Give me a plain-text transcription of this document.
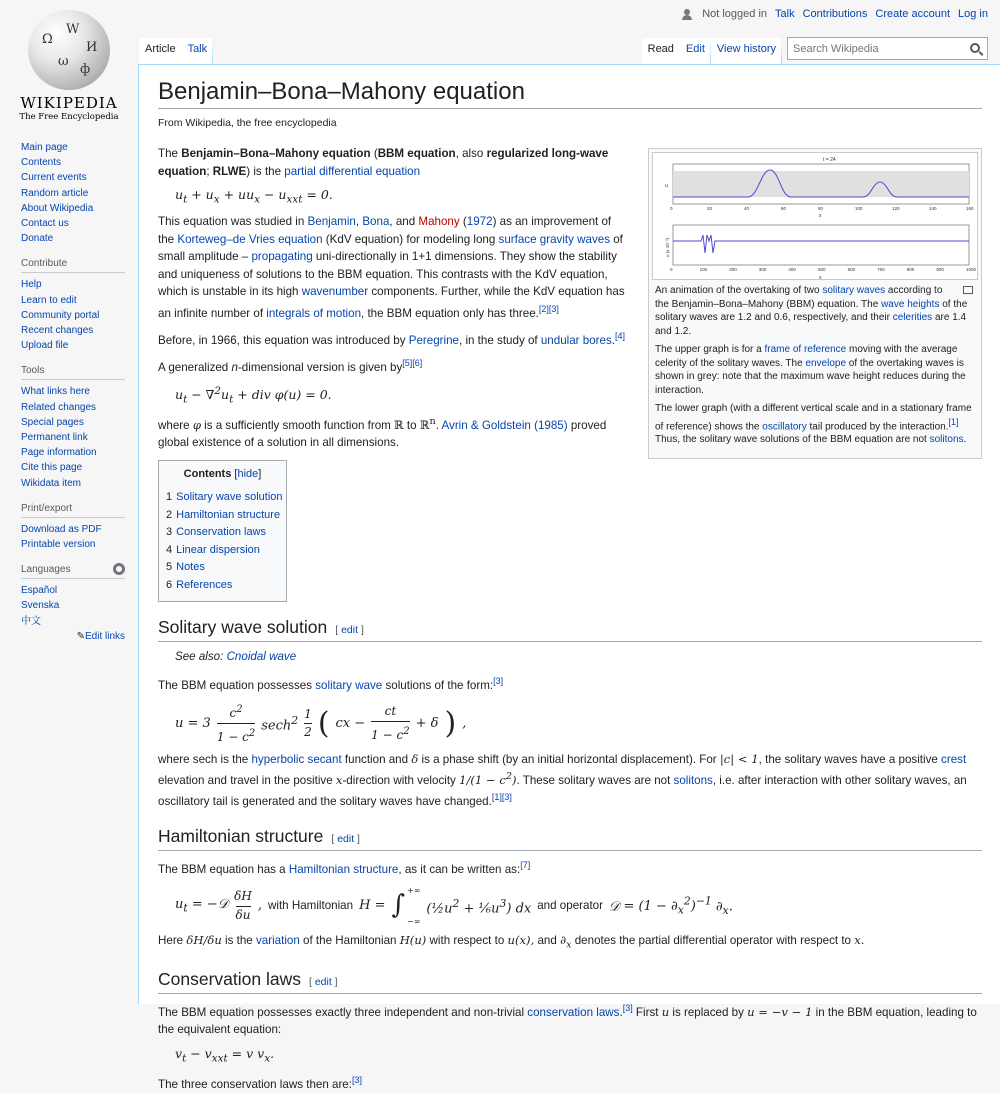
Not logged in Talk Contributions Create account Log in
Ω
W
И
ω
ф
WIKIPEDIA
The Free Encyclopedia
Main page
Contents
Current events
Random article
About Wikipedia
Contact us
Donate
Contribute
Help
Learn to edit
Community portal
Recent changes
Upload file
Tools
What links here
Related changes
Special pages
Permanent link
Page information
Cite this page
Wikidata item
Print/export
Download as PDF
Printable version
Languages
Español
Svenska
中文
✎Edit links
Article	Talk	Read	Edit	View history
Search Wikipedia
Benjamin–Bona–Mahony equation
From Wikipedia, the free encyclopedia

The Benjamin–Bona–Mahony equation (BBM equation, also regularized long-wave equation; RLWE) is the partial differential equation

$u_t + u_x + uu_x - u_{xxt} = 0$.

This equation was studied in Benjamin, Bona, and Mahony (1972) as an improvement of the Korteweg–de Vries equation (KdV equation) for modeling long surface gravity waves of small amplitude – propagating uni-directionally in 1+1 dimensions. They show the stability and uniqueness of solutions to the BBM equation. This contrasts with the KdV equation, which is unstable in its high wavenumber components. Further, while the KdV equation has an infinite number of integrals of motion, the BBM equation only has three.[2][3]

Before, in 1966, this equation was introduced by Peregrine, in the study of undular bores.[4]

A generalized n-dimensional version is given by[5][6]

$u_t - \nabla^2u_t$ + div φ(u) = 0.

where φ is a sufficiently smooth function from ℝ to ℝ$^n$. Avrin & Goldstein (1985) proved global existence of a solution in all dimensions.

Contents [hide]
1 Solitary wave solution
2 Hamiltonian structure
3 Conservation laws
4 Linear dispersion
5 Notes
6 References
Solitary wave solution [ edit ]
See also: Cnoidal wave

The BBM equation possesses solitary wave solutions of the form:[3]

u = 3
$c^2$
$1 - c^2$ sech$^2$
1
2 ( cx − $\frac{ct}{1 - c^2} + \delta$ ) ,

where sech is the hyperbolic secant function and δ is a phase shift (by an initial horizontal displacement). For |c| < 1, the solitary waves have a positive crest elevation and travel in the positive x-direction with velocity $1/(1 - c^2)$. These solitary waves are not solitons, i.e. after interaction with other solitary waves, an oscillatory tail is generated and the solitary waves have changed.[1][3]

Hamiltonian structure [ edit ]

The BBM equation has a Hamiltonian structure, as it can be written as:[7]

$u_t$ = −𝒟
δH
δu
, with Hamiltonian H = ∫
+∞
−∞
($\frac{1}{2}u^2$ + $\frac{1}{6}u^3$) dx and operator 𝒟 = $(1 - \partial_x^2)^{-1}$ $\partial_x$.

Here δH/δu is the variation of the Hamiltonian H(u) with respect to u(x), and $\partial_x$ denotes the partial differential operator with respect to x.

Conservation laws [ edit ]

The BBM equation possesses exactly three independent and non-trivial conservation laws.[3] First u is replaced by u = −v − 1 in the BBM equation, leading to the equivalent equation:

$v_t - v_{xxt} = v$ $v_x$.

The three conservation laws then are:[3]

t = 24
u
0	20	40	60	80	100	120	140	160
x
u (x 10⁻³)
0	100	200	300	400	500	600	700	800	900	1000
x

An animation of the overtaking of two solitary waves according to the Benjamin–Bona–Mahony (BBM) equation. The wave heights of the solitary waves are 1.2 and 0.6, respectively, and their celerities are 1.4 and 1.2.

The upper graph is for a frame of reference moving with the average celerity of the solitary waves. The envelope of the overtaking waves is shown in grey: note that the maximum wave height reduces during the interaction.

The lower graph (with a different vertical scale and in a stationary frame of reference) shows the oscillatory tail produced by the interaction.[1] Thus, the solitary wave solutions of the BBM equation are not solitons.
